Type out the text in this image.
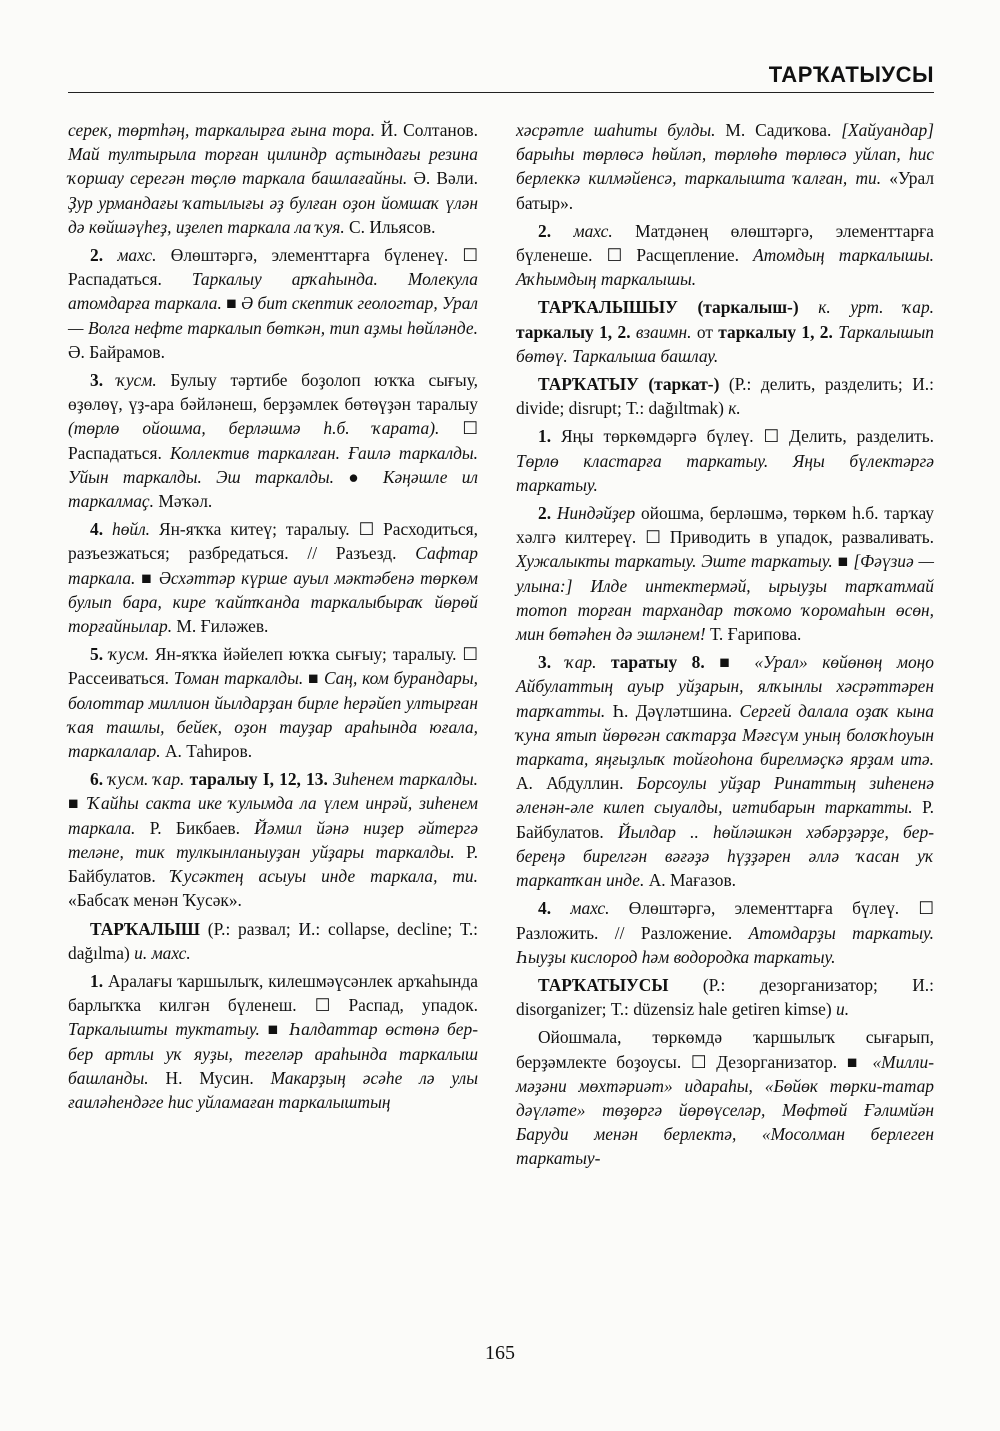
ТАРҠАТЫУСЫ

серек, төртһәң, таркалырға ғына тора. Й. Солтанов. Май тултырыла торған цилиндр аҫтындағы резина ҡоршау серегән төҫлө таркала башлағайны. Ә. Вәли. Ҙур урмандағы ҡатылығы әҙ булған оҙон йомшаҡ үлән дә көйшәүһеҙ, иҙелеп таркала ла ҡуя. С. Ильясов.

2. махс. Өлөштәргә, элементтарға бүленеү. ☐ Распадаться. Таркалыу арҡаһында. Молекула атомдарға таркала. ■ Ә бит скептик геологтар, Урал — Волга нефте таркалып бөткән, тип аҙмы һөйләнде. Ә. Байрамов.

3. ҡусм. Булыу тәртибе боҙолоп юҡҡа сығыу, өҙөлөү, үҙ-ара бәйләнеш, берҙәмлек бөтөүҙән таралыу (төрлө ойошма, берләшмә һ.б. ҡарата). ☐ Распадаться. Коллектив таркалған. Ғаилә таркалды. Уйын таркалды. Эш таркалды. ● Кәңәшле ил таркалмаҫ. Мәҡәл.

4. һөйл. Ян-яҡҡа китеү; таралыу. ☐ Расходиться, разъезжаться; разбредаться. // Разъезд. Сафтар таркала. ■ Әсхәттәр күрше ауыл мәктәбенә төркөм булып бара, кире ҡайтҡанда таркалыбыраҡ йөрөй торғайнылар. М. Ғиләжев.

5. ҡусм. Ян-яҡҡа йәйелеп юҡҡа сығыу; таралыу. ☐ Рассеиваться. Томан таркалды. ■ Саң, ком бурандары, болоттар миллион йылдарҙан бирле һерәйеп ултырған ҡая ташлы, бейек, оҙон тауҙар араһында юғала, таркалалар. А. Таһиров.

6. ҡусм. ҡар. таралыу I, 12, 13. Зиһенем таркалды. ■ Ҡайһы сакта ике ҡулымда ла үлем инрәй, зиһенем таркала. Р. Бикбаев. Йәмил йәнә ниҙер әйтергә теләне, тик тулкынланыуҙан уйҙары таркалды. Р. Байбулатов. Ҡусәктең асыуы инде таркала, ти. «Бабсаҡ менән Ҡусәк».

ТАРҠАЛЫШ (Р.: развал; И.: collapse, decline; Т.: dağılma) и. махс.

1. Аралағы ҡаршылыҡ, килешмәүсәнлек арҡаһында барлыҡҡа килгән бүленеш. ☐ Распад, упадок. Таркалышты туктатыу. ■ Һалдаттар өстөнә бер-бер артлы уҡ яуҙы, тегеләр араһында таркалыш башланды. Н. Мусин. Макарҙың әсәһе лә улы ғаиләһендәге һис уйламаған таркалыштың

хәсрәтле шаһиты булды. М. Садиҡова. [Хайуандар] барыһы төрлөсә һөйләп, төрлөһө төрлөсә уйлап, һис берлеккә килмәйенсә, таркалышта ҡалған, ти. «Урал батыр».

2. махс. Матдәнең өлөштәргә, элементтарға бүленеше. ☐ Расщепление. Атомдың таркалышы. Аҡһымдың таркалышы.

ТАРҠАЛЫШЫУ (таркалыш-) к. урт. ҡар. таркалыу 1, 2. взаимн. от таркалыу 1, 2. Таркалышып бөтөү. Таркалыша башлау.

ТАРҠАТЫУ (таркат-) (Р.: делить, разделить; И.: divide; disrupt; Т.: dağıltmak) к.

1. Яңы төркөмдәргә бүлеү. ☐ Делить, разделить. Төрлө кластарға таркатыу. Яңы бүлектәргә таркатыу.

2. Ниндәйҙер ойошма, берләшмә, төркөм һ.б. тарҡау хәлгә килтереү. ☐ Приводить в упадок, разваливать. Хужалыкты таркатыу. Эште таркатыу. ■ [Фәүзиә — улына:] Илде интектермәй, ырыуҙы тарҡатмай тотоп торған тархандар тоҡомо ҡоромаһын өсөн, мин бөтәһен дә эшләнем! Т. Ғарипова.

3. ҡар. таратыу 8. ■ «Урал» көйөнөң моңо Айбулаттың ауыр уйҙарын, ялҡынлы хәсрәттәрен тарҡатты. Һ. Дәүләтшина. Сергей далала оҙаҡ кына ҡуна ятып йөрөгән саҡтарҙа Мәғсүм уның болоҡһоуын тарката, яңғыҙлыҡ тойғоһона бирелмәҫкә ярҙам итә. А. Абдуллин. Борсоулы уйҙар Ринаттың зиһененә әленән-әле килеп сыуалды, иғтибарын таркатты. Р. Байбулатов. Йылдар .. һөйләшкән хәбәрҙәрҙе, бер-береңә бирелгән вәғәҙә һүҙҙәрен әллә ҡасан уҡ таркатҡан инде. А. Мағазов.

4. махс. Өлөштәргә, элементтарға бүлеү. ☐ Разложить. // Разложение. Атомдарҙы таркатыу. Һыуҙы кислород һәм водородка таркатыу.

ТАРҠАТЫУСЫ (Р.: дезорганизатор; И.: disorganizer; Т.: düzensiz hale getiren kimse) и.

Ойошмала, төркөмдә ҡаршылыҡ сығарып, берҙәмлекте боҙоусы. ☐ Дезорганизатор. ■ «Милли-мәҙәни мөхтәриәт» идараһы, «Бөйөк төрки-татар дәүләте» төҙөргә йөрөүселәр, Мөфтөй Ғәлимйән Баруди менән берлектә, «Мосолман берлеген таркатыу-

165
